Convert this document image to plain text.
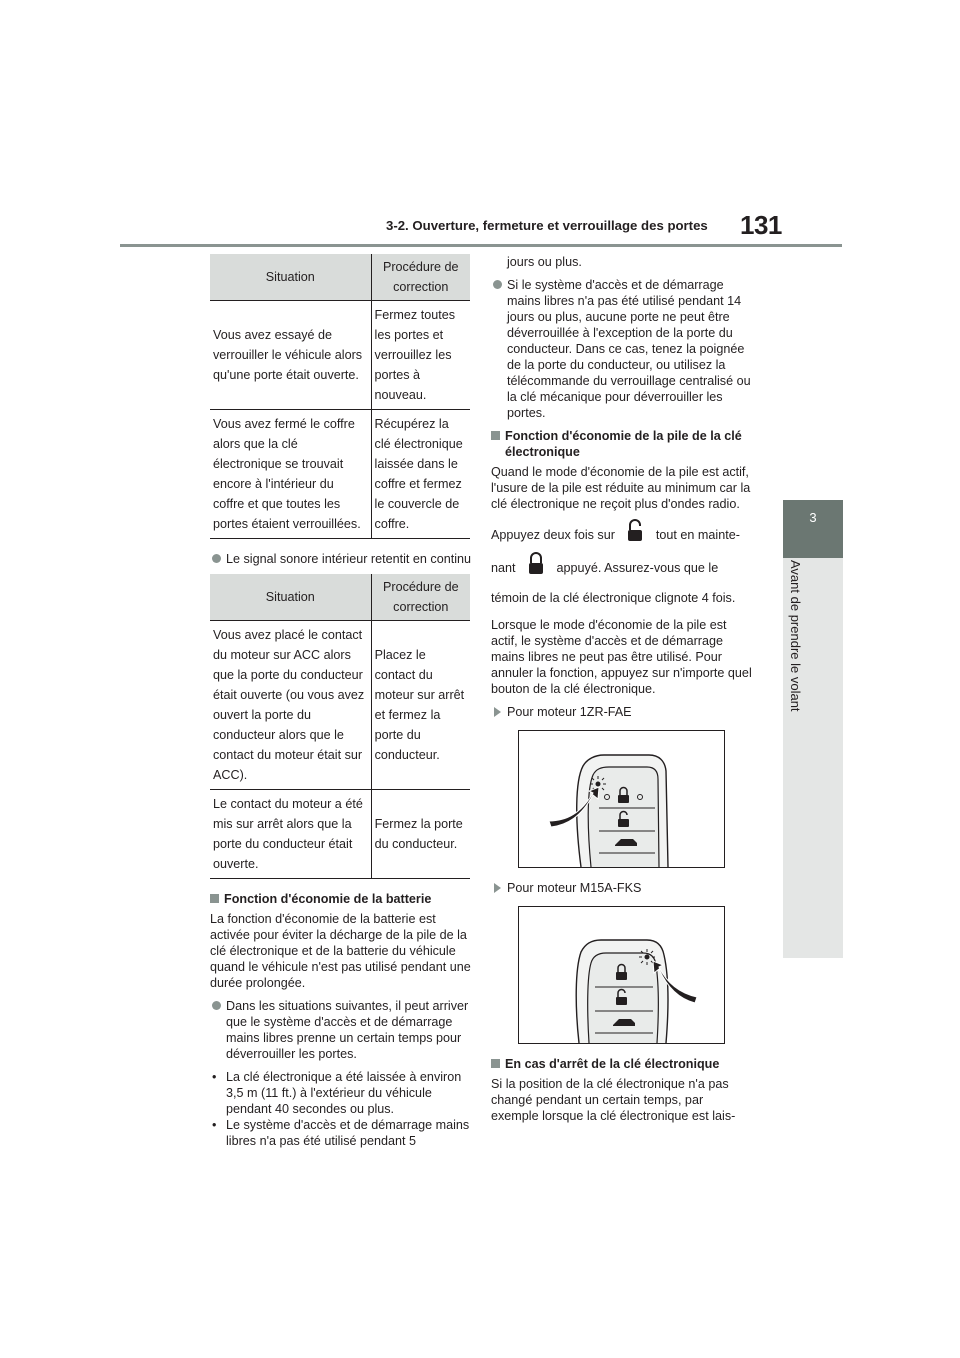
3-2. Ouverture, fermeture et verrouillage des portes 131
3
Avant de prendre le volant
Situation	Procédure de correction
Vous avez essayé de verrouiller le véhicule alors qu'une porte était ouverte.	Fermez toutes les portes et verrouillez les portes à nouveau.
Vous avez fermé le coffre alors que la clé électronique se trouvait encore à l'intérieur du coffre et que toutes les portes étaient verrouillées.	Récupérez la clé électronique laissée dans le coffre et fermez le couvercle de coffre.
Le signal sonore intérieur retentit en continu
Situation	Procédure de correction
Vous avez placé le contact du moteur sur ACC alors que la porte du conducteur était ouverte (ou vous avez ouvert la porte du conducteur alors que le contact du moteur était sur ACC).	Placez le contact du moteur sur arrêt et fermez la porte du conducteur.
Le contact du moteur a été mis sur arrêt alors que la porte du conducteur était ouverte.	Fermez la porte du conducteur.
Fonction d'économie de la batterie

La fonction d'économie de la batterie est activée pour éviter la décharge de la pile de la clé électronique et de la batterie du véhicule quand le véhicule n'est pas utilisé pendant une durée prolongée.

Dans les situations suivantes, il peut arriver que le système d'accès et de démarrage mains libres prenne un certain temps pour déverrouiller les portes.
• La clé électronique a été laissée à environ 3,5 m (11 ft.) à l'extérieur du véhicule pendant 40 secondes ou plus.
• Le système d'accès et de démarrage mains libres n'a pas été utilisé pendant 5

jours ou plus.

Si le système d'accès et de démarrage mains libres n'a pas été utilisé pendant 14 jours ou plus, aucune porte ne peut être déverrouillée à l'exception de la porte du conducteur. Dans ce cas, tenez la poignée de la porte du conducteur, ou utilisez la télécommande du verrouillage centralisé ou la clé mécanique pour déverrouiller les portes.
Fonction d'économie de la pile de la clé électronique

Quand le mode d'économie de la pile est actif, l'usure de la pile est réduite au minimum car la clé électronique ne reçoit plus d'ondes radio.

Appuyez deux fois sur	tout en mainte-

nant	appuyé. Assurez-vous que le

témoin de la clé électronique clignote 4 fois.

Lorsque le mode d'économie de la pile est actif, le système d'accès et de démarrage mains libres ne peut pas être utilisé. Pour annuler la fonction, appuyez sur n'importe quel bouton de la clé électronique.

Pour moteur 1ZR-FAE
Pour moteur M15A-FKS
En cas d'arrêt de la clé électronique

Si la position de la clé électronique n'a pas changé pendant un certain temps, par exemple lorsque la clé électronique est lais-
